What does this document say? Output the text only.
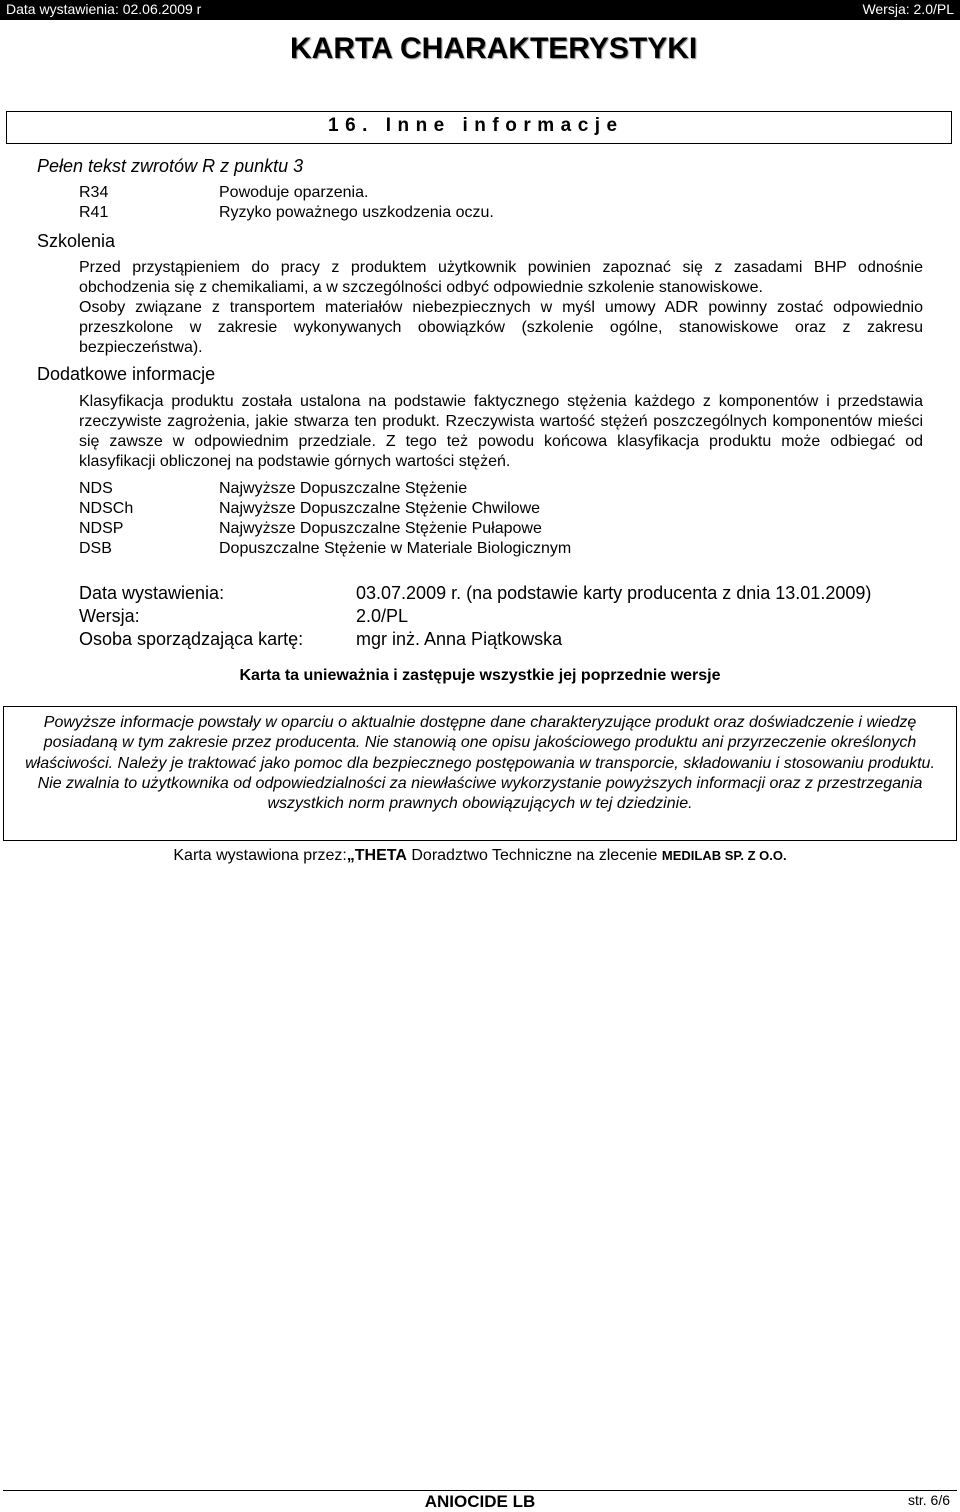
Data wystawienia: 02.06.2009 r	Wersja: 2.0/PL
KARTA CHARAKTERYSTYKI
16. Inne informacje
Pełen tekst zwrotów R z punktu 3
R34	Powoduje oparzenia.
R41	Ryzyko poważnego uszkodzenia oczu.
Szkolenia
Przed przystąpieniem do pracy z produktem użytkownik powinien zapoznać się z zasadami BHP odnośnie obchodzenia się z chemikaliami, a w szczególności odbyć odpowiednie szkolenie stanowiskowe.
Osoby związane z transportem materiałów niebezpiecznych w myśl umowy ADR powinny zostać odpowiednio przeszkolone w zakresie wykonywanych obowiązków (szkolenie ogólne, stanowiskowe oraz z zakresu bezpieczeństwa).
Dodatkowe informacje
Klasyfikacja produktu została ustalona na podstawie faktycznego stężenia każdego z komponentów i przedstawia rzeczywiste zagrożenia, jakie stwarza ten produkt. Rzeczywista wartość stężeń poszczególnych komponentów mieści się zawsze w odpowiednim przedziale. Z tego też powodu końcowa klasyfikacja produktu może odbiegać od klasyfikacji obliczonej na podstawie górnych wartości stężeń.
NDS	Najwyższe Dopuszczalne Stężenie
NDSCh	Najwyższe Dopuszczalne Stężenie Chwilowe
NDSP	Najwyższe Dopuszczalne Stężenie Pułapowe
DSB	Dopuszczalne Stężenie w Materiale Biologicznym
Data wystawienia:	03.07.2009 r. (na podstawie karty producenta z dnia 13.01.2009)
Wersja:	2.0/PL
Osoba sporządzająca kartę:	mgr inż. Anna Piątkowska
Karta ta unieważnia i zastępuje wszystkie jej poprzednie wersje
Powyższe informacje powstały w oparciu o aktualnie dostępne dane charakteryzujące produkt oraz doświadczenie i wiedzę posiadaną w tym zakresie przez producenta. Nie stanowią one opisu jakościowego produktu ani przyrzeczenie określonych właściwości. Należy je traktować jako pomoc dla bezpiecznego postępowania w transporcie, składowaniu i stosowaniu produktu. Nie zwalnia to użytkownika od odpowiedzialności za niewłaściwe wykorzystanie powyższych informacji oraz z przestrzegania wszystkich norm prawnych obowiązujących w tej dziedzinie.
Karta wystawiona przez:„THETA Doradztwo Techniczne na zlecenie MEDILAB SP. Z O.O.
ANIOCIDE LB	str. 6/6
